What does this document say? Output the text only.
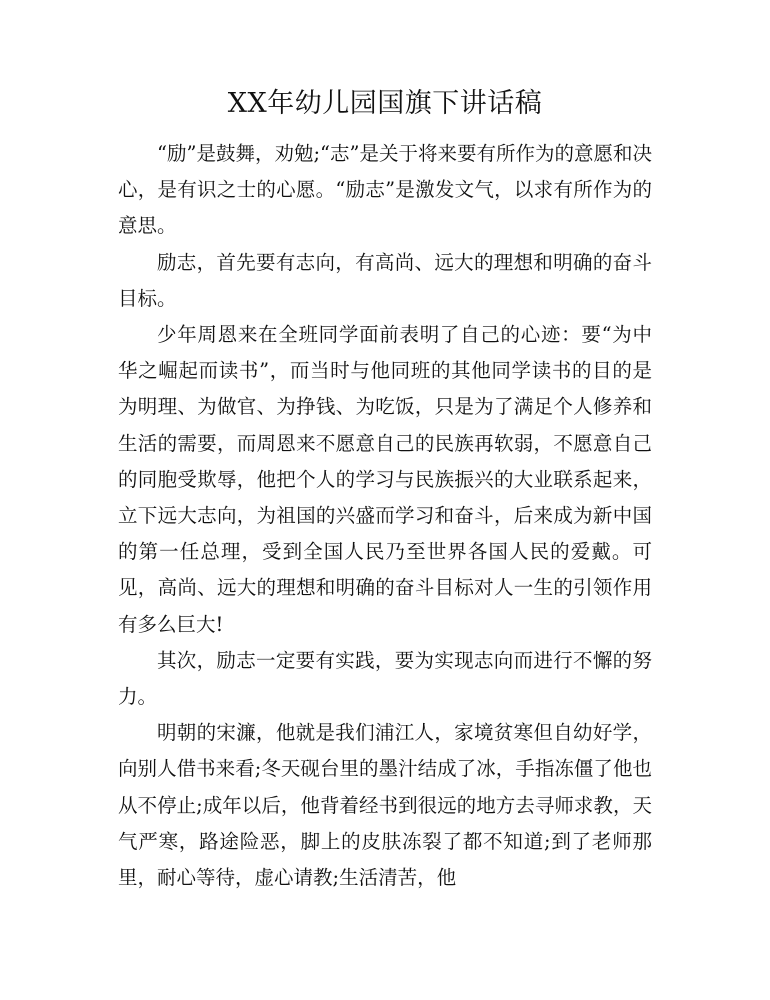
XX年幼儿园国旗下讲话稿

“励”是鼓舞，劝勉;“志”是关于将来要有所作为的意愿和决心，是有识之士的心愿。“励志”是激发文气，以求有所作为的意思。

励志，首先要有志向，有高尚、远大的理想和明确的奋斗目标。

少年周恩来在全班同学面前表明了自己的心迹：要“为中华之崛起而读书”，而当时与他同班的其他同学读书的目的是为明理、为做官、为挣钱、为吃饭，只是为了满足个人修养和生活的需要，而周恩来不愿意自己的民族再软弱，不愿意自己的同胞受欺辱，他把个人的学习与民族振兴的大业联系起来，立下远大志向，为祖国的兴盛而学习和奋斗，后来成为新中国的第一任总理，受到全国人民乃至世界各国人民的爱戴。可见，高尚、远大的理想和明确的奋斗目标对人一生的引领作用有多么巨大!

其次，励志一定要有实践，要为实现志向而进行不懈的努力。

明朝的宋濂，他就是我们浦江人，家境贫寒但自幼好学，向别人借书来看;冬天砚台里的墨汁结成了冰，手指冻僵了他也从不停止;成年以后，他背着经书到很远的地方去寻师求教，天气严寒，路途险恶，脚上的皮肤冻裂了都不知道;到了老师那里，耐心等待，虚心请教;生活清苦，他
